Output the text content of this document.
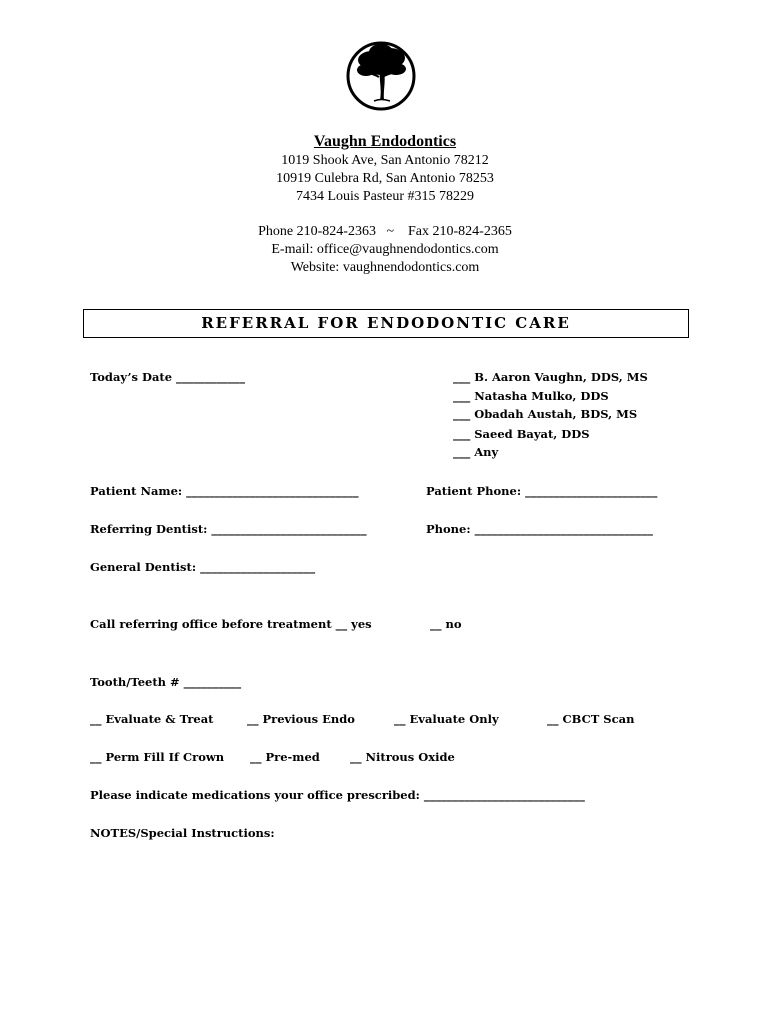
Vaughn Endodontics
1019 Shook Ave, San Antonio 78212
10919 Culebra Rd, San Antonio 78253
7434 Louis Pasteur #315 78229
Phone 210-824-2363   ~    Fax 210-824-2365
E-mail: office@vaughnendodontics.com
Website: vaughnendodontics.com
REFERRAL FOR ENDODONTIC CARE
Today’s Date ____________	___ B. Aaron Vaughn, DDS, MS
___ Natasha Mulko, DDS
___ Obadah Austah, BDS, MS
___ Saeed Bayat, DDS
___ Any
Patient Name: ______________________________	Patient Phone: _______________________
Referring Dentist: ___________________________	Phone: _______________________________
General Dentist: ____________________
Call referring office before treatment __ yes	__ no
Tooth/Teeth # __________
__ Evaluate & Treat	__ Previous Endo	__ Evaluate Only	__ CBCT Scan
__ Perm Fill If Crown __ Pre-med	__ Nitrous Oxide
Please indicate medications your office prescribed: ____________________________
NOTES/Special Instructions:
